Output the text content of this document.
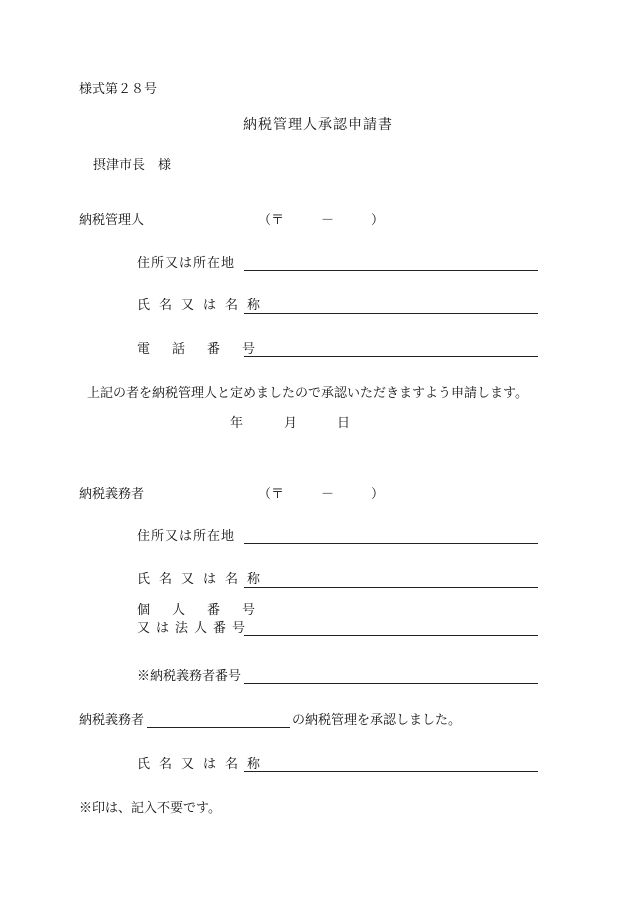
様式第２８号
納税管理人承認申請書
摂津市長　様
納税管理人	（〒	－	）
住所又は所在地
氏名又は名称
電話番号
上記の者を納税管理人と定めましたので承認いただきますよう申請します。
年	月	日
納税義務者	（〒	－	）
住所又は所在地
氏名又は名称
個人番号
又は法人番号
※納税義務者番号
納税義務者	の納税管理を承認しました。
氏名又は名称
※印は、記入不要です。
